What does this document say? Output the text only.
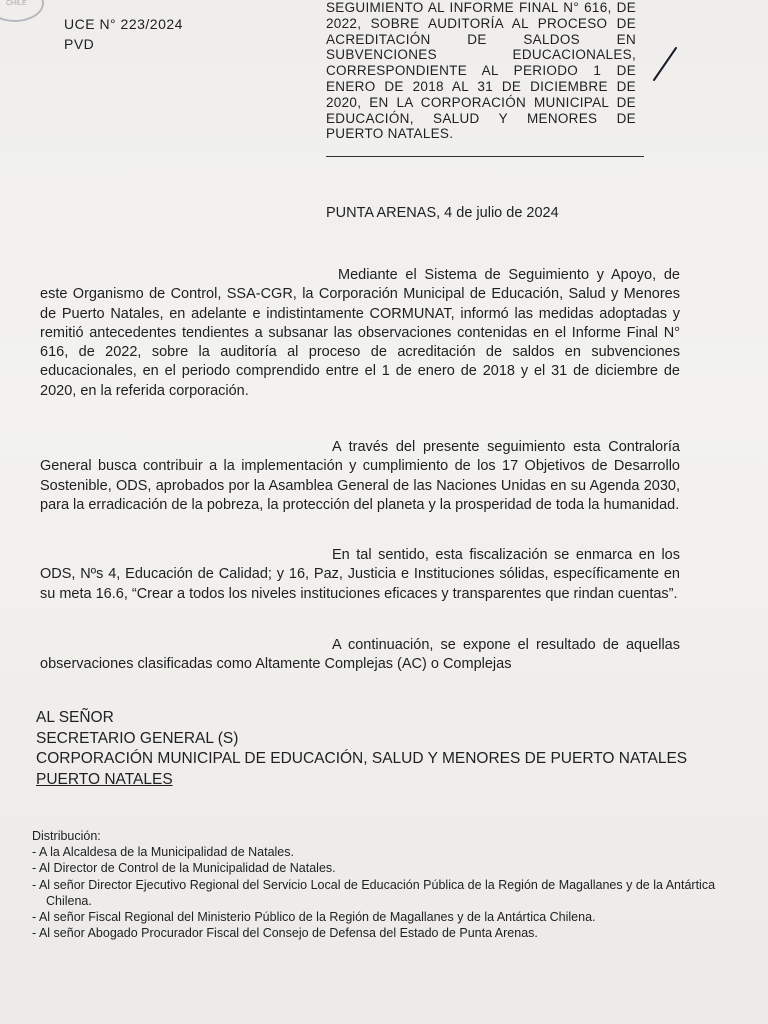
CHILE
UCE N° 223/2024
PVD
SEGUIMIENTO AL INFORME FINAL N° 616, DE 2022, SOBRE AUDITORÍA AL PROCESO DE ACREDITACIÓN DE SALDOS EN SUBVENCIONES EDUCACIONALES, CORRESPONDIENTE AL PERIODO 1 DE ENERO DE 2018 AL 31 DE DICIEMBRE DE 2020, EN LA CORPORACIÓN MUNICIPAL DE EDUCACIÓN, SALUD Y MENORES DE PUERTO NATALES.
PUNTA ARENAS, 4 de julio de 2024
Mediante el Sistema de Seguimiento y Apoyo, de este Organismo de Control, SSA-CGR, la Corporación Municipal de Educación, Salud y Menores de Puerto Natales, en adelante e indistintamente CORMUNAT, informó las medidas adoptadas y remitió antecedentes tendientes a subsanar las observaciones contenidas en el Informe Final N° 616, de 2022, sobre la auditoría al proceso de acreditación de saldos en subvenciones educacionales, en el periodo comprendido entre el 1 de enero de 2018 y el 31 de diciembre de 2020, en la referida corporación.
A través del presente seguimiento esta Contraloría General busca contribuir a la implementación y cumplimiento de los 17 Objetivos de Desarrollo Sostenible, ODS, aprobados por la Asamblea General de las Naciones Unidas en su Agenda 2030, para la erradicación de la pobreza, la protección del planeta y la prosperidad de toda la humanidad.
En tal sentido, esta fiscalización se enmarca en los ODS, Nºs 4, Educación de Calidad; y 16, Paz, Justicia e Instituciones sólidas, específicamente en su meta 16.6, “Crear a todos los niveles instituciones eficaces y transparentes que rindan cuentas”.
A continuación, se expone el resultado de aquellas observaciones clasificadas como Altamente Complejas (AC) o Complejas
AL SEÑOR
SECRETARIO GENERAL (S)
CORPORACIÓN MUNICIPAL DE EDUCACIÓN, SALUD Y MENORES DE PUERTO NATALES
PUERTO NATALES
Distribución:
- A la Alcaldesa de la Municipalidad de Natales.
- Al Director de Control de la Municipalidad de Natales.
- Al señor Director Ejecutivo Regional del Servicio Local de Educación Pública de la Región de Magallanes y de la Antártica Chilena.
- Al señor Fiscal Regional del Ministerio Público de la Región de Magallanes y de la Antártica Chilena.
- Al señor Abogado Procurador Fiscal del Consejo de Defensa del Estado de Punta Arenas.
